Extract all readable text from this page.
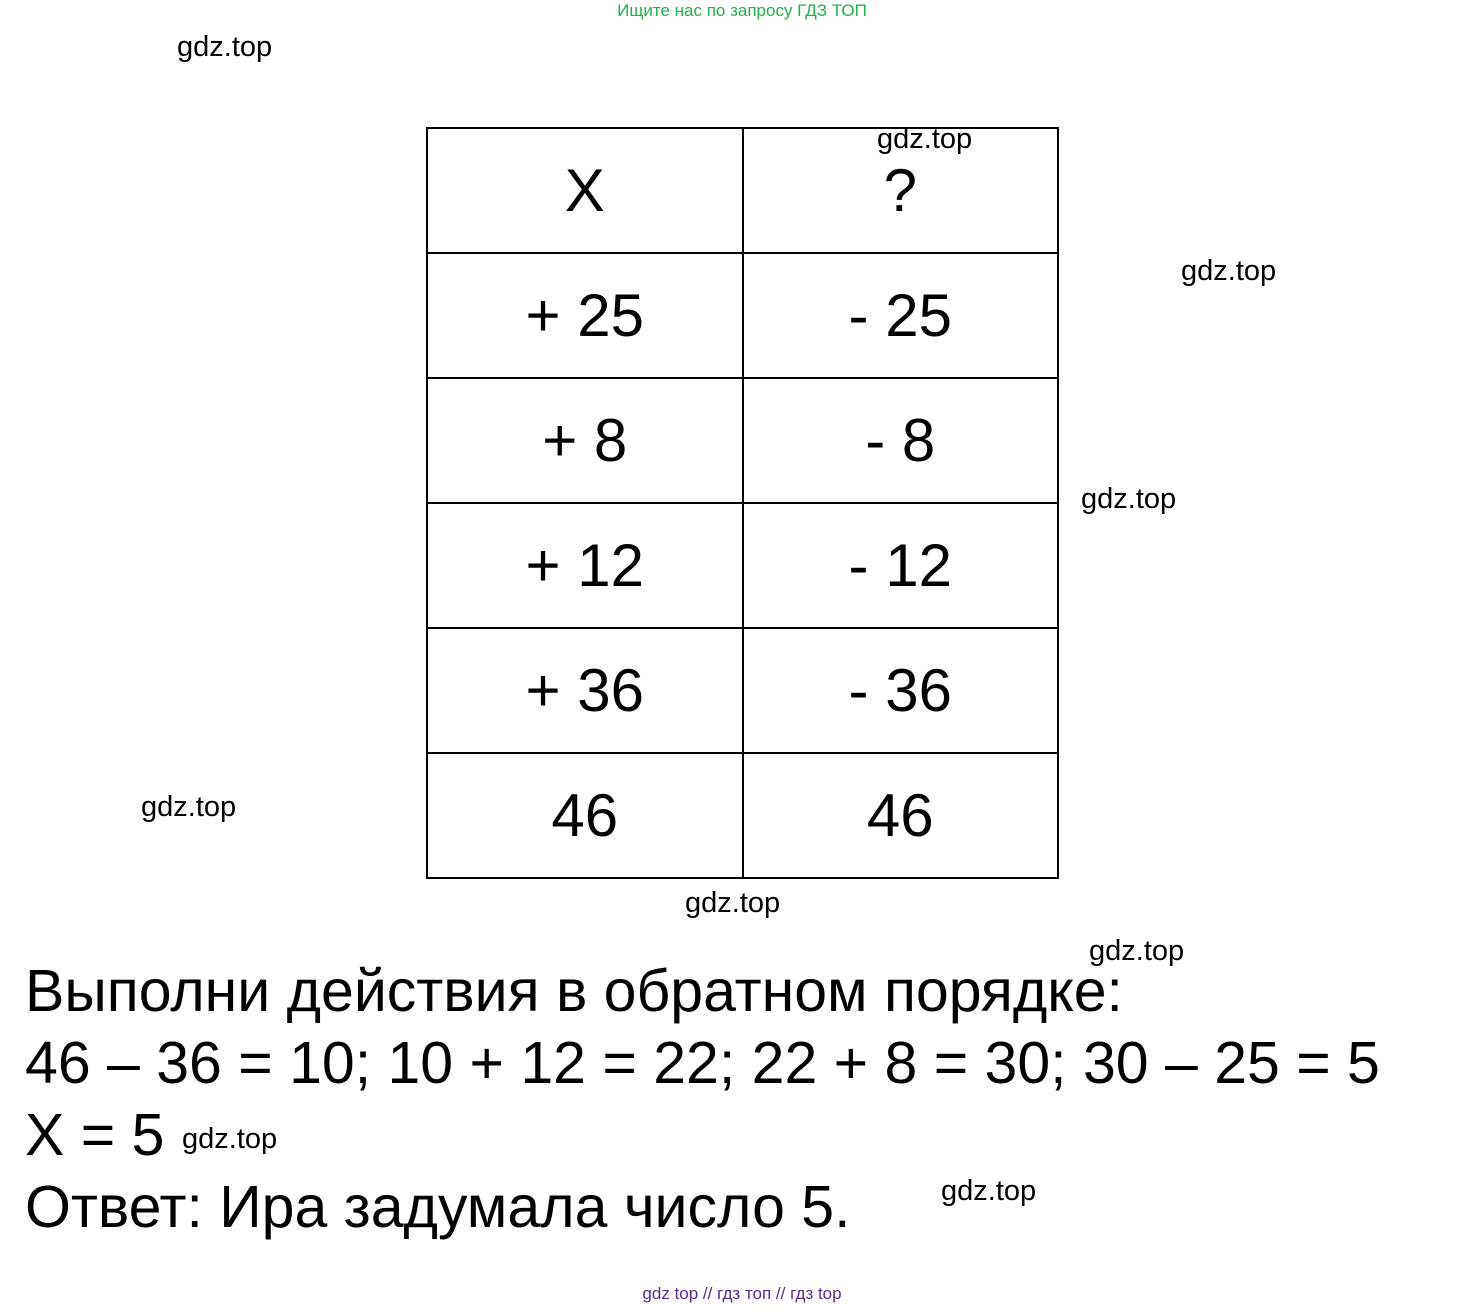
Ищите нас по запросу ГДЗ ТОП
gdz.top
gdz.top
gdz.top
gdz.top
gdz.top
gdz.top
gdz.top
gdz.top
gdz.top
X	?
+ 25	- 25
+ 8	- 8
+ 12	- 12
+ 36	- 36
46	46
Выполни действия в обратном порядке:
46 – 36 = 10; 10 + 12 = 22; 22 + 8 = 30; 30 – 25 = 5
X = 5
Ответ: Ира задумала число 5.
gdz top // гдз топ // гдз top
